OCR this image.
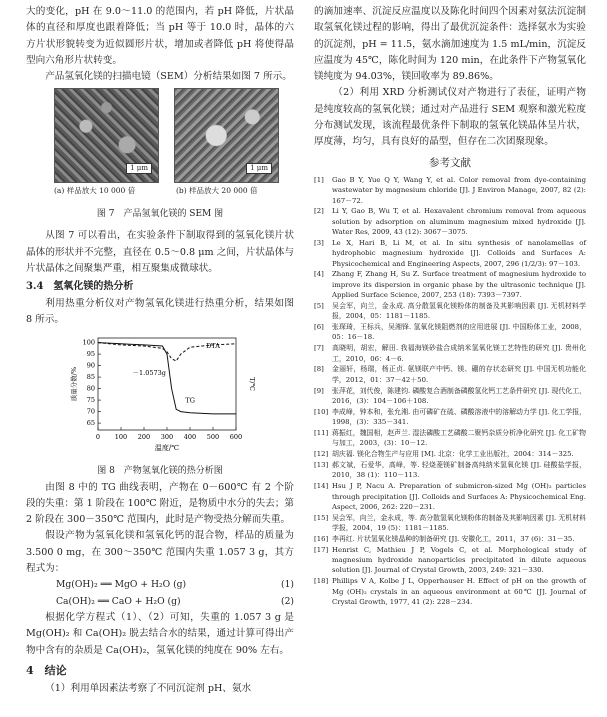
大的变化，pH 在 9.0～11.0 的范围内，若 pH 降低，片状晶体的直径和厚度也跟着降低；当 pH 等于 10.0 时，晶体的六方片状形貌转变为近似圆形片状，增加或者降低 pH 将使得晶型向六角形片状转变。

产品氢氧化镁的扫描电镜（SEM）分析结果如图 7 所示。

1 μm	1 μm
(a) 样品放大 10 000 倍	(b) 样品放大 20 000 倍
图 7　产品氢氧化镁的 SEM 图

从图 7 可以看出，在实验条件下制取得到的氢氧化镁片状晶体的形状并不完整，直径在 0.5～0.8 μm 之间，片状晶体与片状晶体之间聚集严重，相互聚集成微球状。

3.4　氢氧化镁的热分析

利用热重分析仪对产物氢氧化镁进行热重分析，结果如图 8 所示。

0 100 200 300 400 500 600
100
95
90
85
80
75
70
65
DTA
TG
－1.0573g
质量分数/%	T/℃
温度/℃
图 8　产物氢氧化镁的热分析图

由图 8 中的 TG 曲线表明，产物在 0－600℃ 有 2 个阶段的失重：第 1 阶段在 100℃ 附近，是物质中水分的失去；第 2 阶段在 300－350℃ 范围内，此时是产物受热分解而失重。

假设产物为氢氧化镁和氢氧化钙的混合物，样品的质量为 3.500 0 mg，在 300～350℃ 范围内失重 1.057 3 g，其方程式为：

Mg(OH)₂ ══ MgO + H₂O (g)	(1)
Ca(OH)₂ ══ CaO + H₂O (g)	(2)

根据化学方程式（1）、（2）可知，失重的 1.057 3 g 是 Mg(OH)₂ 和 Ca(OH)₂ 脱去结合水的结果，通过计算可得出产物中含有的杂质是 Ca(OH)₂，氢氧化镁的纯度在 90% 左右。

4　结论

（1）利用单因素法考察了不同沉淀剂 pH、氨水

的滴加速率、沉淀反应温度以及陈化时间四个因素对氨法沉淀制取氢氧化镁过程的影响，得出了最优沉淀条件：选择氨水为实验的沉淀剂，pH = 11.5，氨水滴加速度为 1.5 mL/min，沉淀反应温度为 45℃，陈化时间为 120 min，在此条件下产物氢氧化镁纯度为 94.03%，镁回收率为 89.86%。

（2）利用 XRD 分析测试仪对产物进行了表征，证明产物是纯度较高的氢氧化镁；通过对产品进行 SEM 观察和激光粒度分布测试发现，该流程最优条件下制取的氢氧化镁晶体呈片状，厚度薄，均匀，具有良好的晶型，但存在二次团聚现象。

参考文献
[1]	Gao B Y, Yue Q Y, Wang Y, et al. Color removal from dye-containing wastewater by magnesium chloride [J]. J Environ Manage, 2007, 82 (2): 167－72.
[2]	Li Y, Gao B, Wu T, et al. Hexavalent chromium removal from aqueous solution by adsorption on aluminum magnesium mixed hydroxide [J]. Water Res, 2009, 43 (12): 3067－3075.
[3]	Le X, Hari B, Li M, et al. In situ synthesis of nanolamellas of hydrophobic magnesium hydroxide [J]. Colloids and Surfaces A: Physicochemical and Engineering Aspects, 2007, 296 (1/2/3): 97－103.
[4]	Zhang F, Zhang H, Su Z. Surface treatment of magnesium hydroxide to improve its dispersion in organic phase by the ultrasonic technique [J]. Applied Surface Science, 2007, 253 (18): 7393－7397.
[5]	吴会军，向兰，金永成. 高分散氢氧化镁粉体的制备及其影响因素 [J]. 无机材料学报，2004，05：1181－1185.
[6]	张琛琦，王标兵，吴湘锋. 氢氧化镁阻燃剂的应用进展 [J]. 中国粉体工业，2008，05：16－18.
[7]	高晓明，胡宏，解田. 我福海镁砂盐合成纳米氢氧化镁工艺特性的研究 [J]. 贵州化工，2010，06：4－6.
[8]	金丽轩，杨瑞，杨正贞. 氨镁联产中钙、镁、硼的存状态研究 [J]. 中国无机功能化学，2012，01：37－42＋50.
[9]	张萍花，刘代俊，陈建钧. 磷酸复合酒制备磷酸氢化钙工艺条件研究 [J]. 现代化工，2016，(3)：104－106＋108.
[10] 李成峰，钟本和，张允湘. 由可磷矿在硫、磷酸溶液中的溶解动力学 [J]. 化工学报，1998，(3)：335－341.
[11] 蒋振红，魏国相，赵声兰. 湿法磷酸工艺磷酸二聚钙杂质分析净化研究 [J]. 化工矿物与加工，2003，(3)：10－12.
[12] 胡庆福. 镁化合物生产与应用 [M]. 北京：化学工业出版社，2004：314－325.
[13] 郝文斌，石爱华，高峰，等. 轻烧菱镁矿制备高纯纳米氢氧化镁 [J]. 硅酸盐学报，2010，38 (1)：110－113.
[14] Hsu J P, Nacu A. Preparation of submicron-sized Mg (OH)₂ particles through precipitation [J]. Colloids and Surfaces A: Physicochemical Eng. Aspect, 2006, 262: 220－231.
[15] 吴会军，向兰，金永成，等. 高分散氢氧化镁粉体的制备及其影响因素 [J]. 无机材料学报，2004，19 (5)：1181－1185.
[16] 李再红. 片状氢氧化镁晶种的制备研究 [J]. 安徽化工，2011，37 (6)：31－35.
[17] Henrist C, Mathieu J P, Vogels C, et al. Morphological study of magnesium hydroxide nanoparticles precipitated in dilute aqueous solution [J]. Journal of Crystal Growth, 2003, 249: 321－330.
[18] Phillips V A, Kolbe J L, Opperhauser H. Effect of pH on the growth of Mg (OH)₂ crystals in an aqueous environment at 60℃ [J]. Journal of Crystal Growth, 1977, 41 (2): 228－234.
